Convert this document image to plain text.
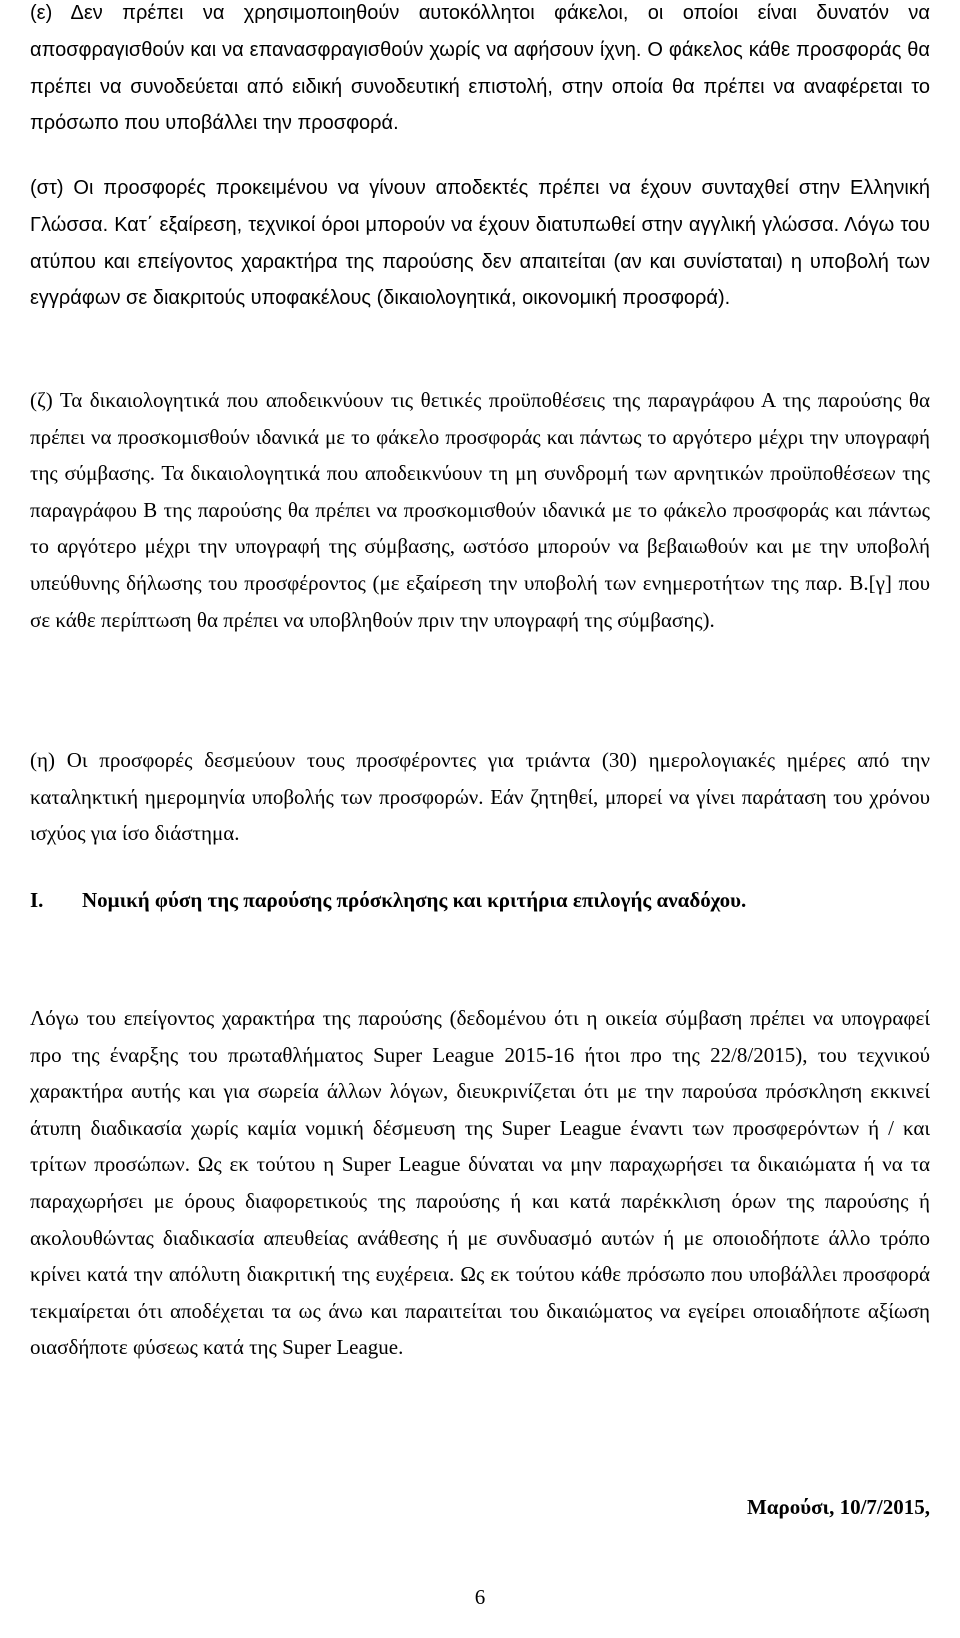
(ε) Δεν πρέπει να χρησιμοποιηθούν αυτοκόλλητοι φάκελοι, οι οποίοι είναι δυνατόν να αποσφραγισθούν και να επανασφραγισθούν χωρίς να αφήσουν ίχνη. Ο φάκελος κάθε προσφοράς θα πρέπει να συνοδεύεται από ειδική συνοδευτική επιστολή, στην οποία θα πρέπει να αναφέρεται το πρόσωπο που υποβάλλει την προσφορά.

(στ) Οι προσφορές προκειμένου να γίνουν αποδεκτές πρέπει να έχουν συνταχθεί στην Ελληνική Γλώσσα. Κατ΄ εξαίρεση, τεχνικοί όροι μπορούν να έχουν διατυπωθεί στην αγγλική γλώσσα. Λόγω του ατύπου και επείγοντος χαρακτήρα της παρούσης δεν απαιτείται (αν και συνίσταται) η υποβολή των εγγράφων σε διακριτούς υποφακέλους (δικαιολογητικά, οικονομική προσφορά).

(ζ) Τα δικαιολογητικά που αποδεικνύουν τις θετικές προϋποθέσεις της παραγράφου Α της παρούσης θα πρέπει να προσκομισθούν ιδανικά με το φάκελο προσφοράς και πάντως το αργότερο μέχρι την υπογραφή της σύμβασης. Τα δικαιολογητικά που αποδεικνύουν τη μη συνδρομή των αρνητικών προϋποθέσεων της παραγράφου Β της παρούσης θα πρέπει να προσκομισθούν ιδανικά με το φάκελο προσφοράς και πάντως το αργότερο μέχρι την υπογραφή της σύμβασης, ωστόσο μπορούν να βεβαιωθούν και με την υποβολή υπεύθυνης δήλωσης του προσφέροντος (με εξαίρεση την υποβολή των ενημεροτήτων της παρ. Β.[γ] που σε κάθε περίπτωση θα πρέπει να υποβληθούν πριν την υπογραφή της σύμβασης).

(η) Οι προσφορές δεσμεύουν τους προσφέροντες για τριάντα (30) ημερολογιακές ημέρες από την καταληκτική ημερομηνία υποβολής των προσφορών. Εάν ζητηθεί, μπορεί να γίνει παράταση του χρόνου ισχύος για ίσο διάστημα.

Ι. Νομική φύση της παρούσης πρόσκλησης και κριτήρια επιλογής αναδόχου.

Λόγω του επείγοντος χαρακτήρα της παρούσης (δεδομένου ότι η οικεία σύμβαση πρέπει να υπογραφεί προ της έναρξης του πρωταθλήματος Super League 2015-16 ήτοι προ της 22/8/2015), του τεχνικού χαρακτήρα αυτής και για σωρεία άλλων λόγων, διευκρινίζεται ότι με την παρούσα πρόσκληση εκκινεί άτυπη διαδικασία χωρίς καμία νομική δέσμευση της Super League έναντι των προσφερόντων ή / και τρίτων προσώπων. Ως εκ τούτου η Super League δύναται να μην παραχωρήσει τα δικαιώματα ή να τα παραχωρήσει με όρους διαφορετικούς της παρούσης ή και κατά παρέκκλιση όρων της παρούσης ή ακολουθώντας διαδικασία απευθείας ανάθεσης ή με συνδυασμό αυτών ή με οποιοδήποτε άλλο τρόπο κρίνει κατά την απόλυτη διακριτική της ευχέρεια. Ως εκ τούτου κάθε πρόσωπο που υποβάλλει προσφορά τεκμαίρεται ότι αποδέχεται τα ως άνω και παραιτείται του δικαιώματος να εγείρει οποιαδήποτε αξίωση οιασδήποτε φύσεως κατά της Super League.

Μαρούσι, 10/7/2015,

6
